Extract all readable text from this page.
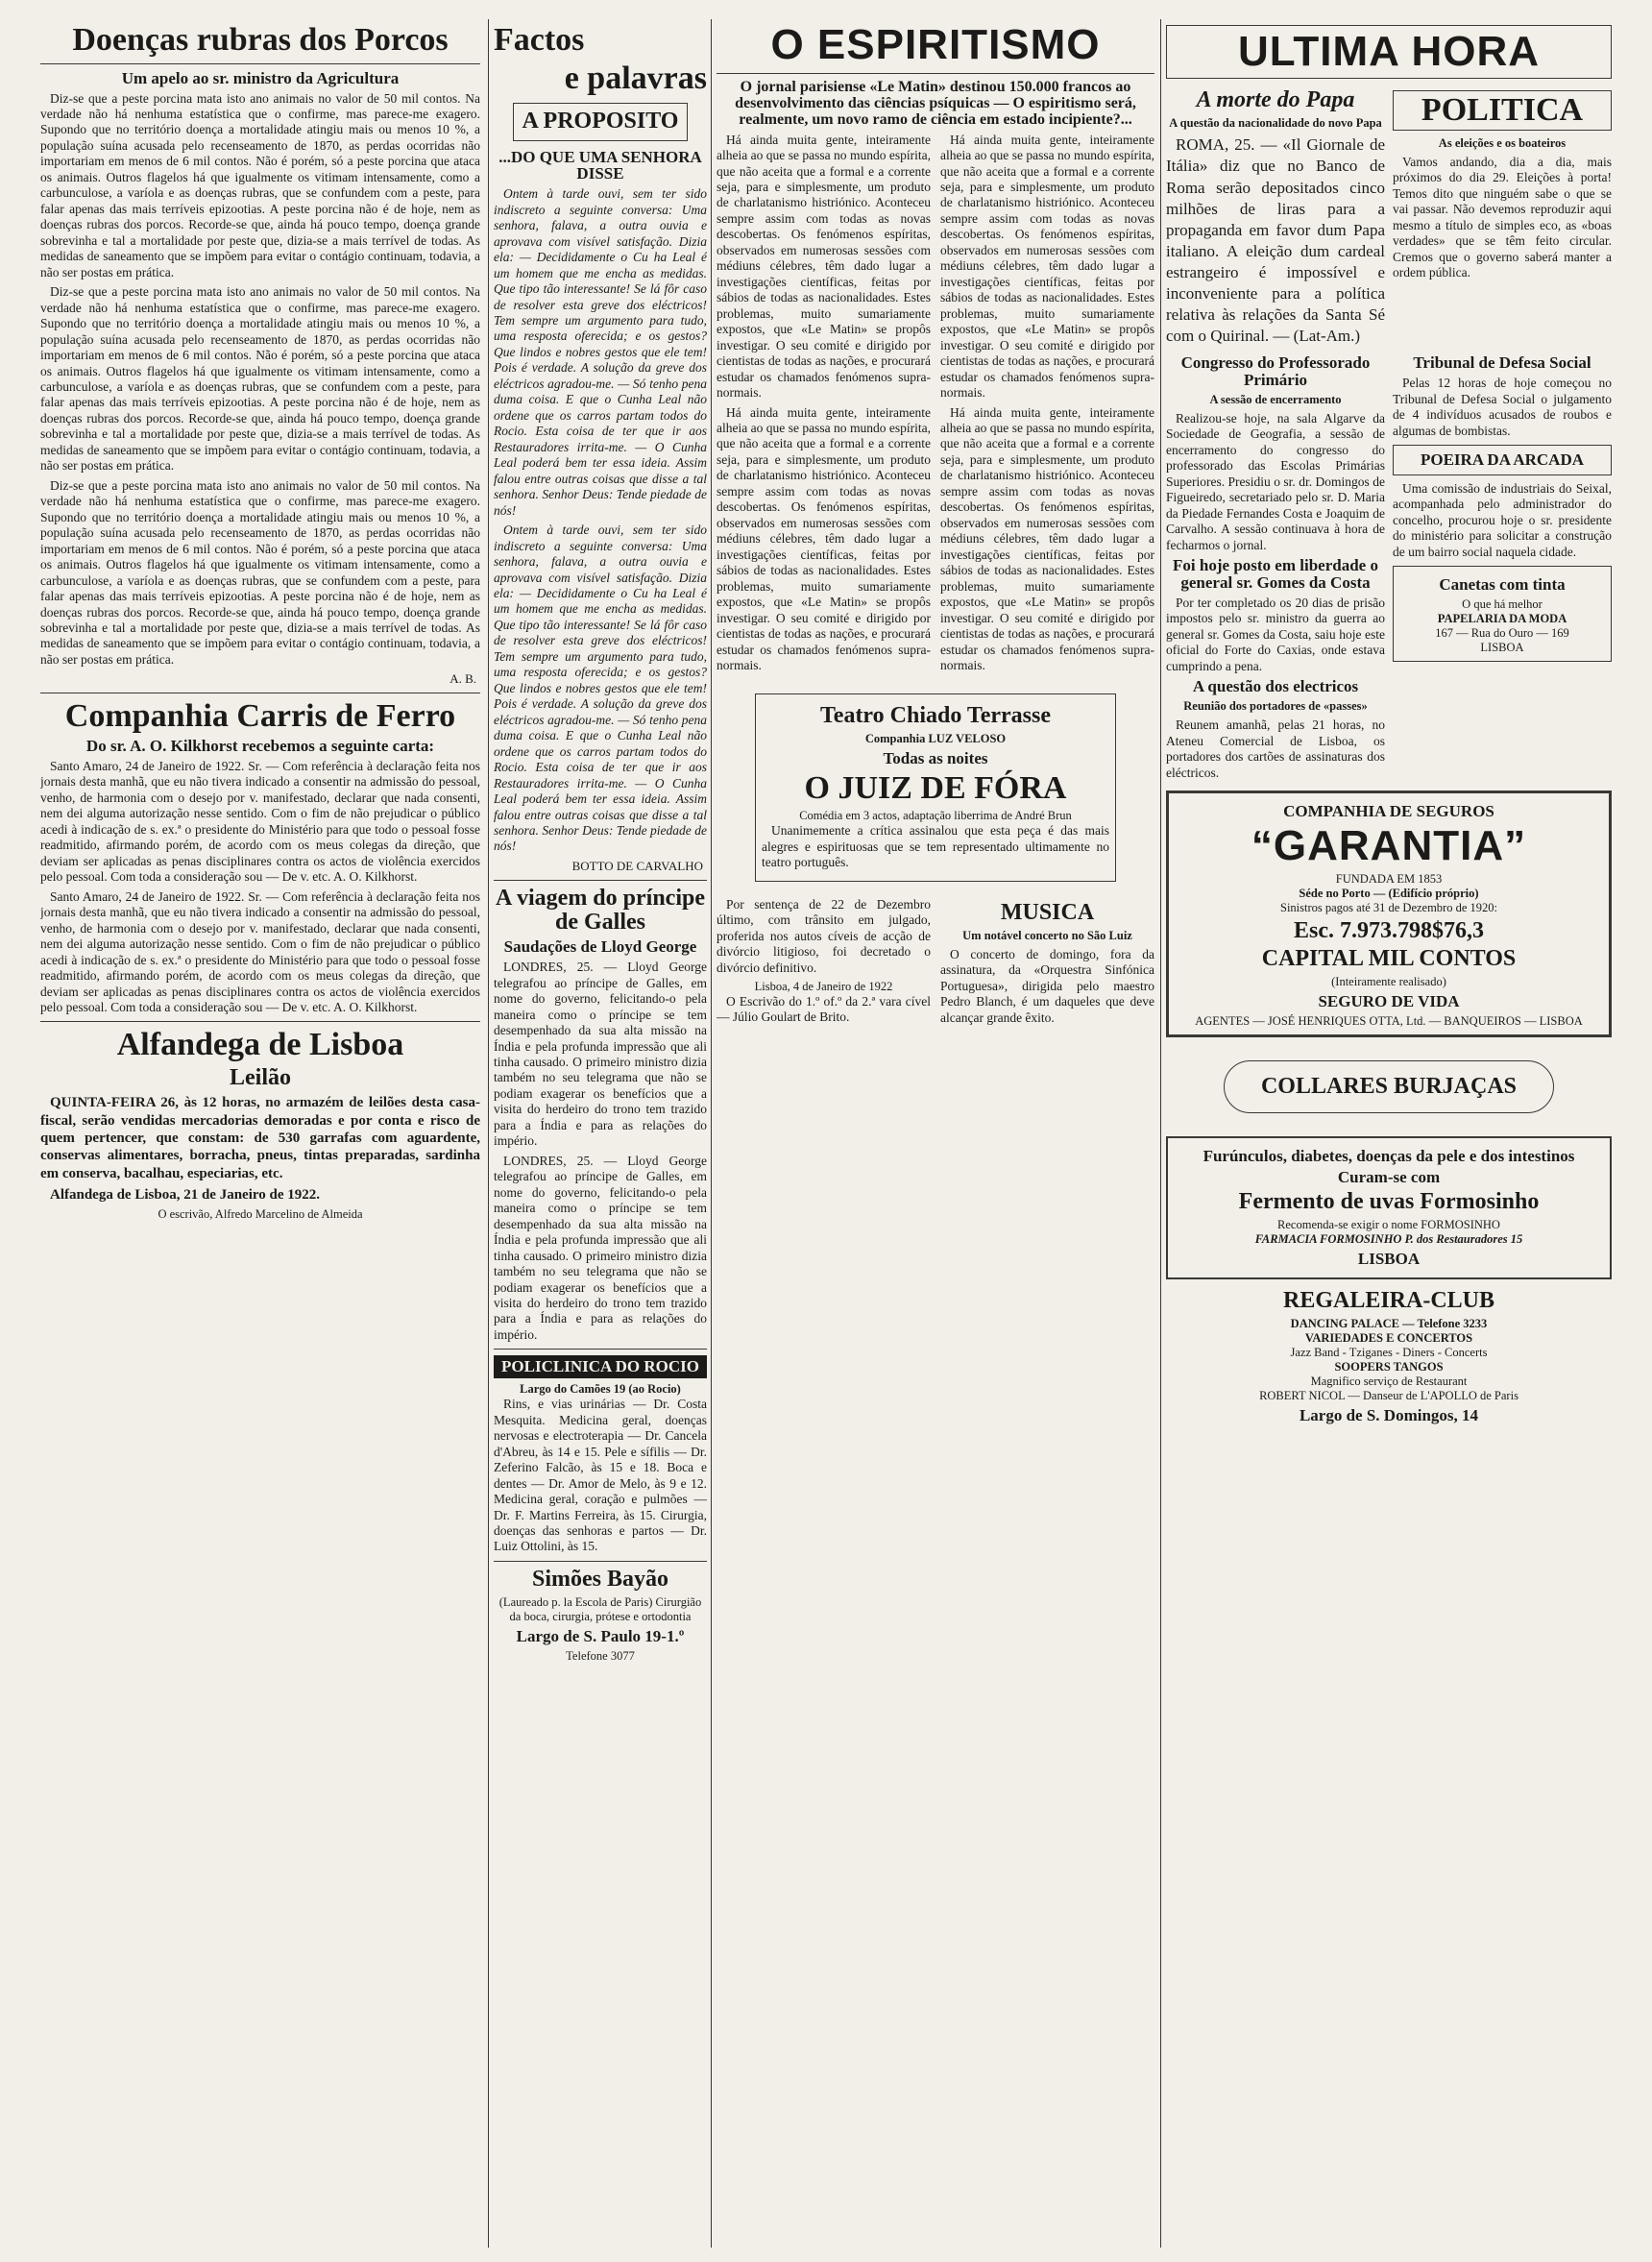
Doenças rubras dos Porcos
Um apelo ao sr. ministro da Agricultura

Diz-se que a peste porcina mata isto ano animais no valor de 50 mil contos. Na verdade não há nenhuma estatística que o confirme, mas parece-me exagero. Supondo que no território doença a mortalidade atingiu mais ou menos 10 %, a população suína acusada pelo recenseamento de 1870, as perdas ocorridas não importariam em menos de 6 mil contos. Não é porém, só a peste porcina que ataca os animais. Outros flagelos há que igualmente os vitimam intensamente, como a carbunculose, a varíola e as doenças rubras, que se confundem com a peste, para falar apenas das mais terríveis epizootias. A peste porcina não é de hoje, nem as doenças rubras dos porcos. Recorde-se que, ainda há pouco tempo, doença grande sobrevinha e tal a mortalidade por peste que, dizia-se a mais terrível de todas. As medidas de saneamento que se impõem para evitar o contágio continuam, todavia, a não ser postas em prática.

Diz-se que a peste porcina mata isto ano animais no valor de 50 mil contos. Na verdade não há nenhuma estatística que o confirme, mas parece-me exagero. Supondo que no território doença a mortalidade atingiu mais ou menos 10 %, a população suína acusada pelo recenseamento de 1870, as perdas ocorridas não importariam em menos de 6 mil contos. Não é porém, só a peste porcina que ataca os animais. Outros flagelos há que igualmente os vitimam intensamente, como a carbunculose, a varíola e as doenças rubras, que se confundem com a peste, para falar apenas das mais terríveis epizootias. A peste porcina não é de hoje, nem as doenças rubras dos porcos. Recorde-se que, ainda há pouco tempo, doença grande sobrevinha e tal a mortalidade por peste que, dizia-se a mais terrível de todas. As medidas de saneamento que se impõem para evitar o contágio continuam, todavia, a não ser postas em prática.

Diz-se que a peste porcina mata isto ano animais no valor de 50 mil contos. Na verdade não há nenhuma estatística que o confirme, mas parece-me exagero. Supondo que no território doença a mortalidade atingiu mais ou menos 10 %, a população suína acusada pelo recenseamento de 1870, as perdas ocorridas não importariam em menos de 6 mil contos. Não é porém, só a peste porcina que ataca os animais. Outros flagelos há que igualmente os vitimam intensamente, como a carbunculose, a varíola e as doenças rubras, que se confundem com a peste, para falar apenas das mais terríveis epizootias. A peste porcina não é de hoje, nem as doenças rubras dos porcos. Recorde-se que, ainda há pouco tempo, doença grande sobrevinha e tal a mortalidade por peste que, dizia-se a mais terrível de todas. As medidas de saneamento que se impõem para evitar o contágio continuam, todavia, a não ser postas em prática.

A. B.
Companhia Carris de Ferro
Do sr. A. O. Kilkhorst recebemos a seguinte carta:

Santo Amaro, 24 de Janeiro de 1922. Sr. — Com referência à declaração feita nos jornais desta manhã, que eu não tivera indicado a consentir na admissão do pessoal, venho, de harmonia com o desejo por v. manifestado, declarar que nada consenti, nem dei alguma autorização nesse sentido. Com o fim de não prejudicar o público acedi à indicação de s. ex.ª o presidente do Ministério para que todo o pessoal fosse readmitido, afirmando porém, de acordo com os meus colegas da direção, que deviam ser aplicadas as penas disciplinares contra os actos de violência exercidos pelo pessoal. Com toda a consideração sou — De v. etc. A. O. Kilkhorst.

Santo Amaro, 24 de Janeiro de 1922. Sr. — Com referência à declaração feita nos jornais desta manhã, que eu não tivera indicado a consentir na admissão do pessoal, venho, de harmonia com o desejo por v. manifestado, declarar que nada consenti, nem dei alguma autorização nesse sentido. Com o fim de não prejudicar o público acedi à indicação de s. ex.ª o presidente do Ministério para que todo o pessoal fosse readmitido, afirmando porém, de acordo com os meus colegas da direção, que deviam ser aplicadas as penas disciplinares contra os actos de violência exercidos pelo pessoal. Com toda a consideração sou — De v. etc. A. O. Kilkhorst.

Alfandega de Lisboa
Leilão

QUINTA-FEIRA 26, às 12 horas, no armazém de leilões desta casa-fiscal, serão vendidas mercadorias demoradas e por conta e risco de quem pertencer, que constam: de 530 garrafas com aguardente, conservas alimentares, borracha, pneus, tintas preparadas, sardinha em conserva, bacalhau, especiarias, etc.

Alfandega de Lisboa, 21 de Janeiro de 1922.

O escrivão, Alfredo Marcelino de Almeida
Factos
e palavras
A PROPOSITO
...DO QUE UMA SENHORA DISSE

Ontem à tarde ouvi, sem ter sido indiscreto a seguinte conversa: Uma senhora, falava, a outra ouvia e aprovava com visível satisfação. Dizia ela: — Decididamente o Cu ha Leal é um homem que me encha as medidas. Que tipo tão interessante! Se lá fôr caso de resolver esta greve dos eléctricos! Tem sempre um argumento para tudo, uma resposta oferecida; e os gestos? Que lindos e nobres gestos que ele tem! Pois é verdade. A solução da greve dos eléctricos agradou-me. — Só tenho pena duma coisa. E que o Cunha Leal não ordene que os carros partam todos do Rocio. Esta coisa de ter que ir aos Restauradores irrita-me. — O Cunha Leal poderá bem ter essa ideia. Assim falou entre outras coisas que disse a tal senhora. Senhor Deus: Tende piedade de nós!

Ontem à tarde ouvi, sem ter sido indiscreto a seguinte conversa: Uma senhora, falava, a outra ouvia e aprovava com visível satisfação. Dizia ela: — Decididamente o Cu ha Leal é um homem que me encha as medidas. Que tipo tão interessante! Se lá fôr caso de resolver esta greve dos eléctricos! Tem sempre um argumento para tudo, uma resposta oferecida; e os gestos? Que lindos e nobres gestos que ele tem! Pois é verdade. A solução da greve dos eléctricos agradou-me. — Só tenho pena duma coisa. E que o Cunha Leal não ordene que os carros partam todos do Rocio. Esta coisa de ter que ir aos Restauradores irrita-me. — O Cunha Leal poderá bem ter essa ideia. Assim falou entre outras coisas que disse a tal senhora. Senhor Deus: Tende piedade de nós!

BOTTO DE CARVALHO
A viagem do príncipe de Galles
Saudações de Lloyd George

LONDRES, 25. — Lloyd George telegrafou ao príncipe de Galles, em nome do governo, felicitando-o pela maneira como o príncipe se tem desempenhado da sua alta missão na Índia e pela profunda impressão que ali tinha causado. O primeiro ministro dizia também no seu telegrama que não se podiam exagerar os benefícios que a visita do herdeiro do trono tem trazido para a Índia e para as relações do império.

LONDRES, 25. — Lloyd George telegrafou ao príncipe de Galles, em nome do governo, felicitando-o pela maneira como o príncipe se tem desempenhado da sua alta missão na Índia e pela profunda impressão que ali tinha causado. O primeiro ministro dizia também no seu telegrama que não se podiam exagerar os benefícios que a visita do herdeiro do trono tem trazido para a Índia e para as relações do império.

POLICLINICA DO ROCIO
Largo do Camões 19 (ao Rocio)

Rins, e vias urinárias — Dr. Costa Mesquita. Medicina geral, doenças nervosas e electroterapia — Dr. Cancela d'Abreu, às 14 e 15. Pele e sífilis — Dr. Zeferino Falcão, às 15 e 18. Boca e dentes — Dr. Amor de Melo, às 9 e 12. Medicina geral, coração e pulmões — Dr. F. Martins Ferreira, às 15. Cirurgia, doenças das senhoras e partos — Dr. Luiz Ottolini, às 15.

Simões Bayão
(Laureado p. la Escola de Paris) Cirurgião da boca, cirurgia, prótese e ortodontia
Largo de S. Paulo 19-1.º
Telefone 3077
O ESPIRITISMO
O jornal parisiense «Le Matin» destinou 150.000 francos ao desenvolvimento das ciências psíquicas — O espiritismo será, realmente, um novo ramo de ciência em estado incipiente?...

Há ainda muita gente, inteiramente alheia ao que se passa no mundo espírita, que não aceita que a formal e a corrente seja, para e simplesmente, um produto de charlatanismo histriónico. Aconteceu sempre assim com todas as novas descobertas. Os fenómenos espíritas, observados em numerosas sessões com médiuns célebres, têm dado lugar a investigações científicas, feitas por sábios de todas as nacionalidades. Estes problemas, muito sumariamente expostos, que «Le Matin» se propôs investigar. O seu comité e dirigido por cientistas de todas as nações, e procurará estudar os chamados fenómenos supra-normais.

Há ainda muita gente, inteiramente alheia ao que se passa no mundo espírita, que não aceita que a formal e a corrente seja, para e simplesmente, um produto de charlatanismo histriónico. Aconteceu sempre assim com todas as novas descobertas. Os fenómenos espíritas, observados em numerosas sessões com médiuns célebres, têm dado lugar a investigações científicas, feitas por sábios de todas as nacionalidades. Estes problemas, muito sumariamente expostos, que «Le Matin» se propôs investigar. O seu comité e dirigido por cientistas de todas as nações, e procurará estudar os chamados fenómenos supra-normais.

Há ainda muita gente, inteiramente alheia ao que se passa no mundo espírita, que não aceita que a formal e a corrente seja, para e simplesmente, um produto de charlatanismo histriónico. Aconteceu sempre assim com todas as novas descobertas. Os fenómenos espíritas, observados em numerosas sessões com médiuns célebres, têm dado lugar a investigações científicas, feitas por sábios de todas as nacionalidades. Estes problemas, muito sumariamente expostos, que «Le Matin» se propôs investigar. O seu comité e dirigido por cientistas de todas as nações, e procurará estudar os chamados fenómenos supra-normais.

Há ainda muita gente, inteiramente alheia ao que se passa no mundo espírita, que não aceita que a formal e a corrente seja, para e simplesmente, um produto de charlatanismo histriónico. Aconteceu sempre assim com todas as novas descobertas. Os fenómenos espíritas, observados em numerosas sessões com médiuns célebres, têm dado lugar a investigações científicas, feitas por sábios de todas as nacionalidades. Estes problemas, muito sumariamente expostos, que «Le Matin» se propôs investigar. O seu comité e dirigido por cientistas de todas as nações, e procurará estudar os chamados fenómenos supra-normais.

Teatro Chiado Terrasse
Companhia LUZ VELOSO
Todas as noites
O JUIZ DE FÓRA
Comédia em 3 actos, adaptação liberrima de André Brun

Unanimemente a crítica assinalou que esta peça é das mais alegres e espirituosas que se tem representado ultimamente no teatro português.

Por sentença de 22 de Dezembro último, com trânsito em julgado, proferida nos autos cíveis de acção de divórcio litigioso, foi decretado o divórcio definitivo.

Lisboa, 4 de Janeiro de 1922

O Escrivão do 1.º of.º da 2.ª vara cível — Júlio Goulart de Brito.

MUSICA
Um notável concerto no São Luiz

O concerto de domingo, fora da assinatura, da «Orquestra Sinfónica Portuguesa», dirigida pelo maestro Pedro Blanch, é um daqueles que deve alcançar grande êxito.

ULTIMA HORA
A morte do Papa
A questão da nacionalidade do novo Papa

ROMA, 25. — «Il Giornale de Itália» diz que no Banco de Roma serão depositados cinco milhões de liras para a propaganda em favor dum Papa italiano. A eleição dum cardeal estrangeiro é impossível e inconveniente para a política relativa às relações da Santa Sé com o Quirinal. — (Lat-Am.)

POLITICA
As eleições e os boateiros

Vamos andando, dia a dia, mais próximos do dia 29. Eleições à porta! Temos dito que ninguém sabe o que se vai passar. Não devemos reproduzir aqui mesmo a título de simples eco, as «boas verdades» que se têm feito circular. Cremos que o governo saberá manter a ordem pública.

Congresso do Professorado Primário
A sessão de encerramento

Realizou-se hoje, na sala Algarve da Sociedade de Geografia, a sessão de encerramento do congresso do professorado das Escolas Primárias Superiores. Presidiu o sr. dr. Domingos de Figueiredo, secretariado pelo sr. D. Maria da Piedade Fernandes Costa e Joaquim de Carvalho. A sessão continuava à hora de fecharmos o jornal.

Foi hoje posto em liberdade o general sr. Gomes da Costa

Por ter completado os 20 dias de prisão impostos pelo sr. ministro da guerra ao general sr. Gomes da Costa, saiu hoje este oficial do Forte do Caxias, onde estava cumprindo a pena.

A questão dos electricos
Reunião dos portadores de «passes»

Reunem amanhã, pelas 21 horas, no Ateneu Comercial de Lisboa, os portadores dos cartões de assinaturas dos eléctricos.

Tribunal de Defesa Social

Pelas 12 horas de hoje começou no Tribunal de Defesa Social o julgamento de 4 indivíduos acusados de roubos e algumas de bombistas.

POEIRA DA ARCADA

Uma comissão de industriais do Seixal, acompanhada pelo administrador do concelho, procurou hoje o sr. presidente do ministério para solicitar a construção de um bairro social naquela cidade.

Canetas com tinta
O que há melhor
PAPELARIA DA MODA
167 — Rua do Ouro — 169
LISBOA
COMPANHIA DE SEGUROS
“GARANTIA”
FUNDADA EM 1853
Séde no Porto — (Edifício próprio)
Sinistros pagos até 31 de Dezembro de 1920:
Esc. 7.973.798$76,3
CAPITAL MIL CONTOS
(Inteiramente realisado)
SEGURO DE VIDA
AGENTES — JOSÉ HENRIQUES OTTA, Ltd. — BANQUEIROS — LISBOA
COLLARES BURJAÇAS
Furúnculos, diabetes, doenças da pele e dos intestinos
Curam-se com
Fermento de uvas Formosinho
Recomenda-se exigir o nome FORMOSINHO
FARMACIA FORMOSINHO P. dos Restauradores 15
LISBOA
REGALEIRA-CLUB
DANCING PALACE — Telefone 3233
VARIEDADES E CONCERTOS
Jazz Band - Tziganes - Diners - Concerts
SOOPERS TANGOS
Magnifico serviço de Restaurant
ROBERT NICOL — Danseur de L'APOLLO de Paris
Largo de S. Domingos, 14
